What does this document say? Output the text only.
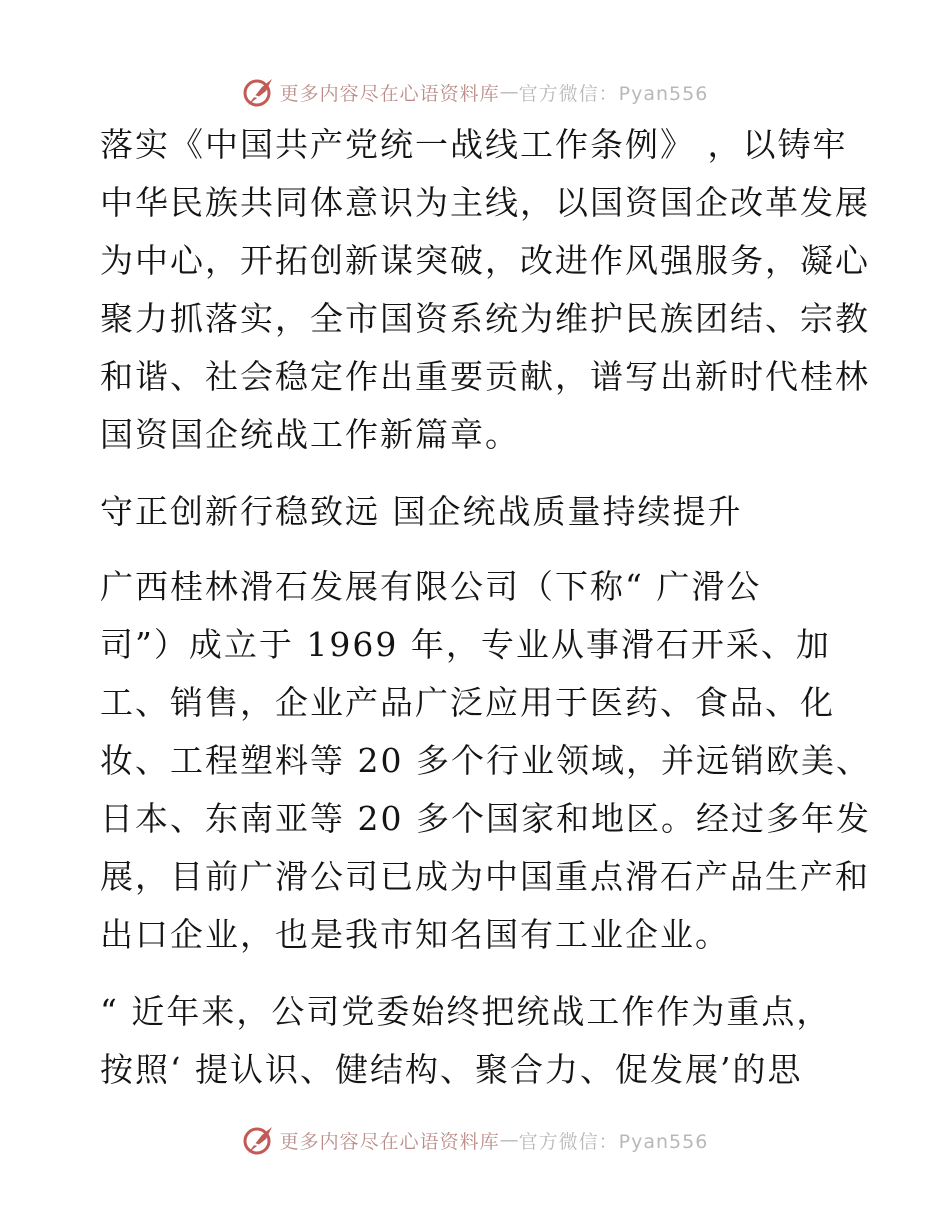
更多内容尽在心语资料库 — 官方微信：Pyan556
落实《中国共产党统一战线工作条例》 ，以铸牢
中华民族共同体意识为主线，以国资国企改革发展
为中心，开拓创新谋突破，改进作风强服务，凝心
聚力抓落实，全市国资系统为维护民族团结、宗教
和谐、社会稳定作出重要贡献，谱写出新时代桂林
国资国企统战工作新篇章。
守正创新行稳致远 国企统战质量持续提升
广西桂林滑石发展有限公司（下称“ 广滑公
司”）成立于 1969 年，专业从事滑石开采、加
工、销售，企业产品广泛应用于医药、食品、化
妆、工程塑料等 20 多个行业领域，并远销欧美、
日本、东南亚等 20 多个国家和地区。经过多年发
展，目前广滑公司已成为中国重点滑石产品生产和
出口企业，也是我市知名国有工业企业。
“ 近年来，公司党委始终把统战工作作为重点，
按照‘ 提认识、健结构、聚合力、促发展’的思
更多内容尽在心语资料库 — 官方微信：Pyan556
